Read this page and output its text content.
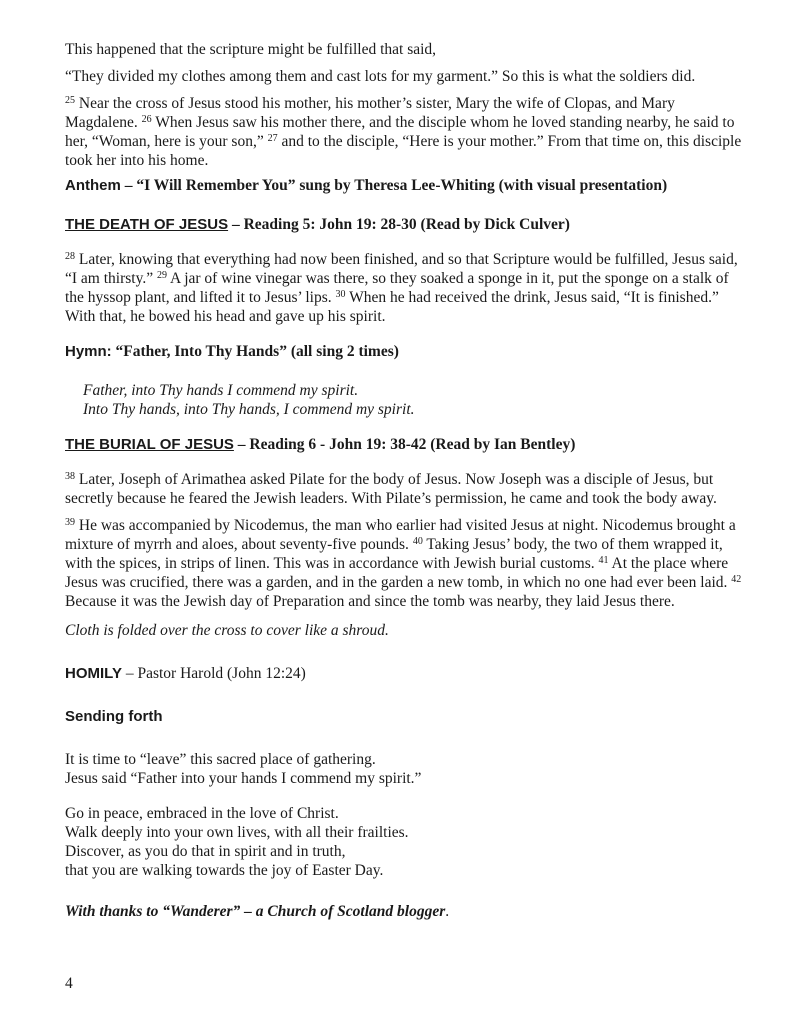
This happened that the scripture might be fulfilled that said,

“They divided my clothes among them and cast lots for my garment.” So this is what the soldiers did.

$^{25}$ Near the cross of Jesus stood his mother, his mother’s sister, Mary the wife of Clopas, and Mary Magdalene. $^{26}$ When Jesus saw his mother there, and the disciple whom he loved standing nearby, he said to her, “Woman, here is your son,” $^{27}$ and to the disciple, “Here is your mother.” From that time on, this disciple took her into his home.

Anthem – “I Will Remember You” sung by Theresa Lee-Whiting (with visual presentation)
THE DEATH OF JESUS – Reading 5: John 19: 28-30 (Read by Dick Culver)

$^{28}$ Later, knowing that everything had now been finished, and so that Scripture would be fulfilled, Jesus said, “I am thirsty.” $^{29}$ A jar of wine vinegar was there, so they soaked a sponge in it, put the sponge on a stalk of the hyssop plant, and lifted it to Jesus’ lips. $^{30}$ When he had received the drink, Jesus said, “It is finished.” With that, he bowed his head and gave up his spirit.

Hymn: “Father, Into Thy Hands” (all sing 2 times)
Father, into Thy hands I commend my spirit.
Into Thy hands, into Thy hands, I commend my spirit.
THE BURIAL OF JESUS – Reading 6 - John 19: 38-42 (Read by Ian Bentley)

$^{38}$ Later, Joseph of Arimathea asked Pilate for the body of Jesus. Now Joseph was a disciple of Jesus, but secretly because he feared the Jewish leaders. With Pilate’s permission, he came and took the body away.

$^{39}$ He was accompanied by Nicodemus, the man who earlier had visited Jesus at night. Nicodemus brought a mixture of myrrh and aloes, about seventy-five pounds. $^{40}$ Taking Jesus’ body, the two of them wrapped it, with the spices, in strips of linen. This was in accordance with Jewish burial customs. $^{41}$ At the place where Jesus was crucified, there was a garden, and in the garden a new tomb, in which no one had ever been laid. $^{42}$ Because it was the Jewish day of Preparation and since the tomb was nearby, they laid Jesus there.

Cloth is folded over the cross to cover like a shroud.

HOMILY – Pastor Harold (John 12:24)
Sending forth
It is time to “leave” this sacred place of gathering.
Jesus said “Father into your hands I commend my spirit.”
Go in peace, embraced in the love of Christ.
Walk deeply into your own lives, with all their frailties.
Discover, as you do that in spirit and in truth,
that you are walking towards the joy of Easter Day.

With thanks to “Wanderer” – a Church of Scotland blogger.

4
